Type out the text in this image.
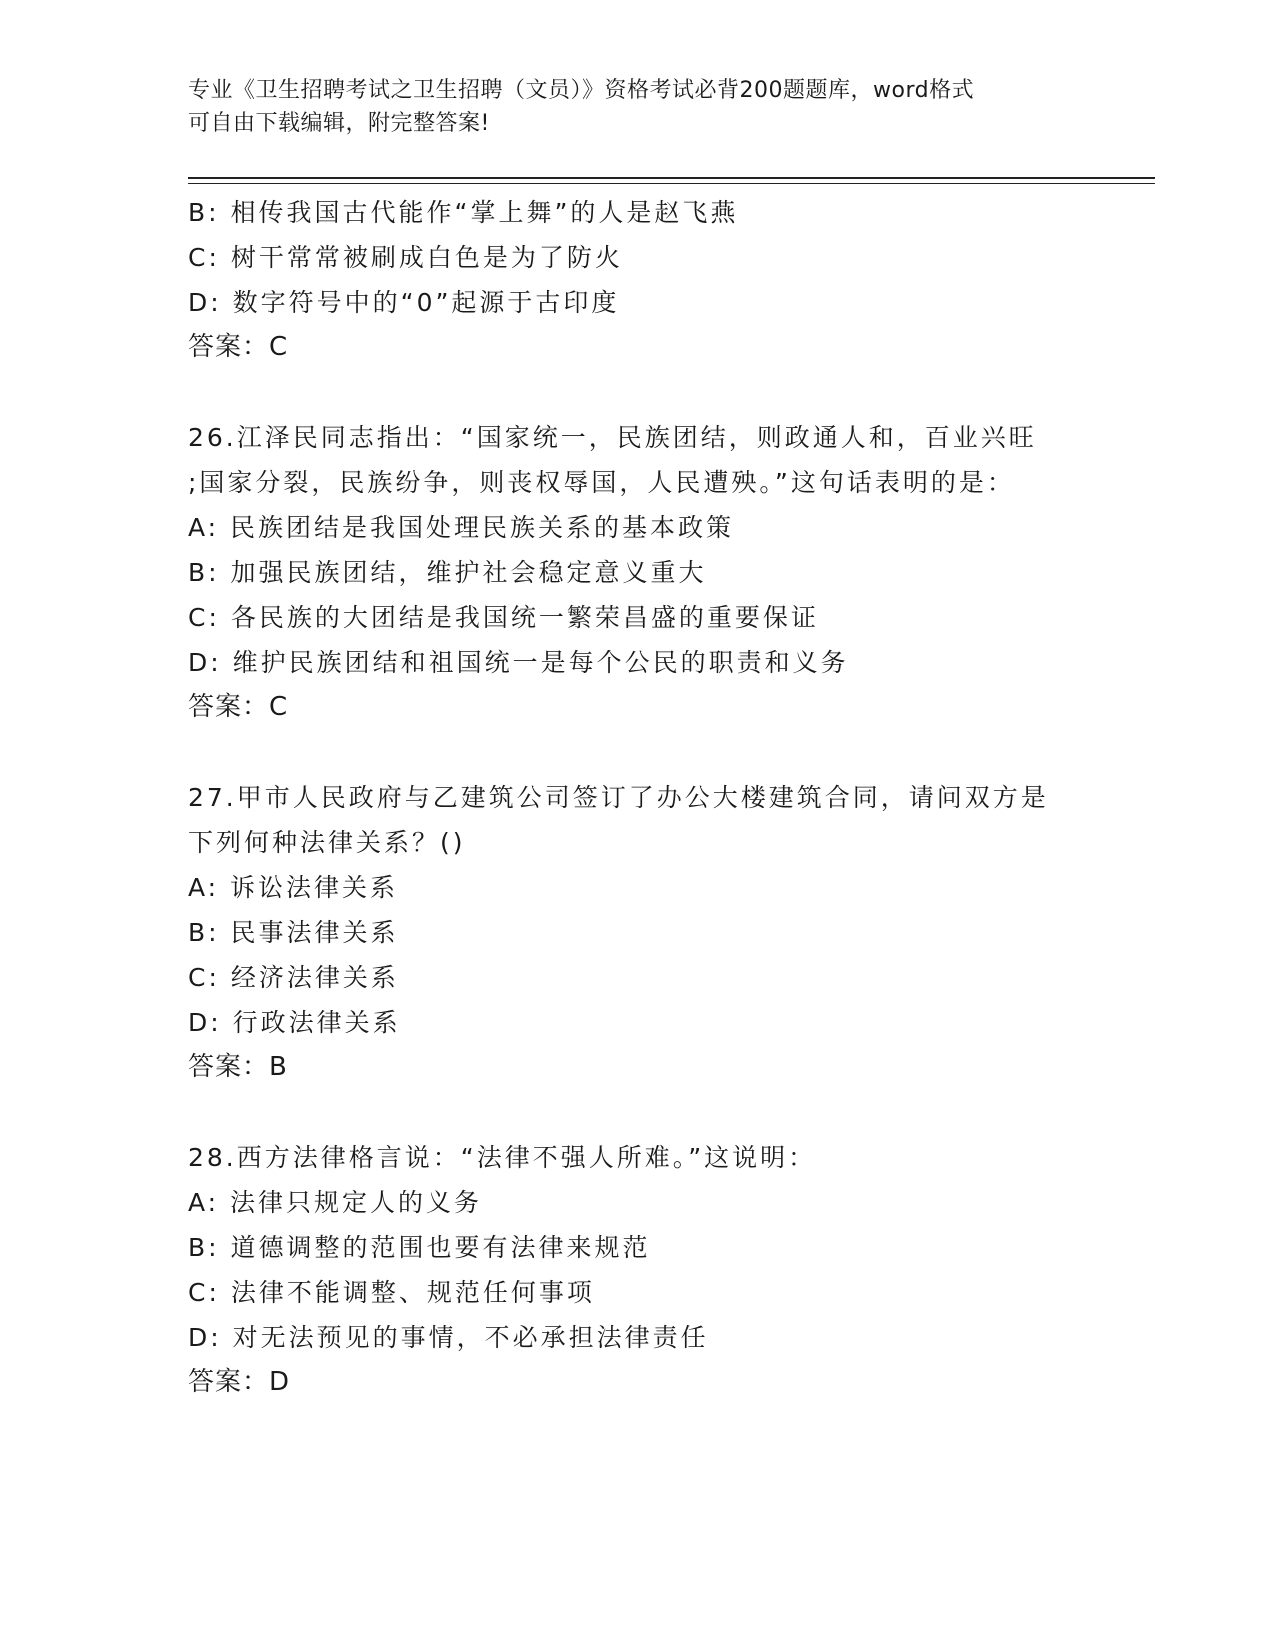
专业《卫生招聘考试之卫生招聘（文员）》资格考试必背200题题库，word格式
可自由下载编辑，附完整答案!
B: 相传我国古代能作“掌上舞”的人是赵飞燕
C: 树干常常被刷成白色是为了防火
D: 数字符号中的“0”起源于古印度
答案：C
26.江泽民同志指出：“国家统一，民族团结，则政通人和，百业兴旺
;国家分裂，民族纷争，则丧权辱国，人民遭殃。”这句话表明的是：
A: 民族团结是我国处理民族关系的基本政策
B: 加强民族团结，维护社会稳定意义重大
C: 各民族的大团结是我国统一繁荣昌盛的重要保证
D: 维护民族团结和祖国统一是每个公民的职责和义务
答案：C
27.甲市人民政府与乙建筑公司签订了办公大楼建筑合同，请问双方是
下列何种法律关系？()
A: 诉讼法律关系
B: 民事法律关系
C: 经济法律关系
D: 行政法律关系
答案：B
28.西方法律格言说：“法律不强人所难。”这说明：
A: 法律只规定人的义务
B: 道德调整的范围也要有法律来规范
C: 法律不能调整、规范任何事项
D: 对无法预见的事情，不必承担法律责任
答案：D
